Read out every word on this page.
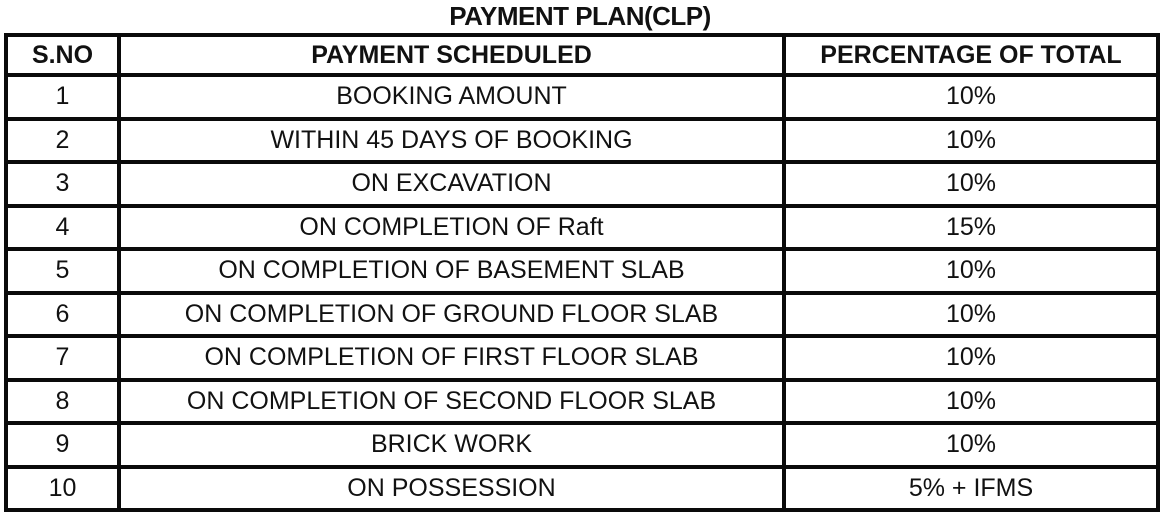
PAYMENT PLAN(CLP)
S.NO	PAYMENT SCHEDULED	PERCENTAGE OF TOTAL
1	BOOKING AMOUNT	10%
2	WITHIN 45 DAYS OF BOOKING	10%
3	ON EXCAVATION	10%
4	ON COMPLETION OF Raft	15%
5	ON COMPLETION OF BASEMENT SLAB	10%
6	ON COMPLETION OF GROUND FLOOR SLAB	10%
7	ON COMPLETION OF FIRST FLOOR SLAB	10%
8	ON COMPLETION OF SECOND FLOOR SLAB	10%
9	BRICK WORK	10%
10	ON POSSESSION	5% + IFMS
